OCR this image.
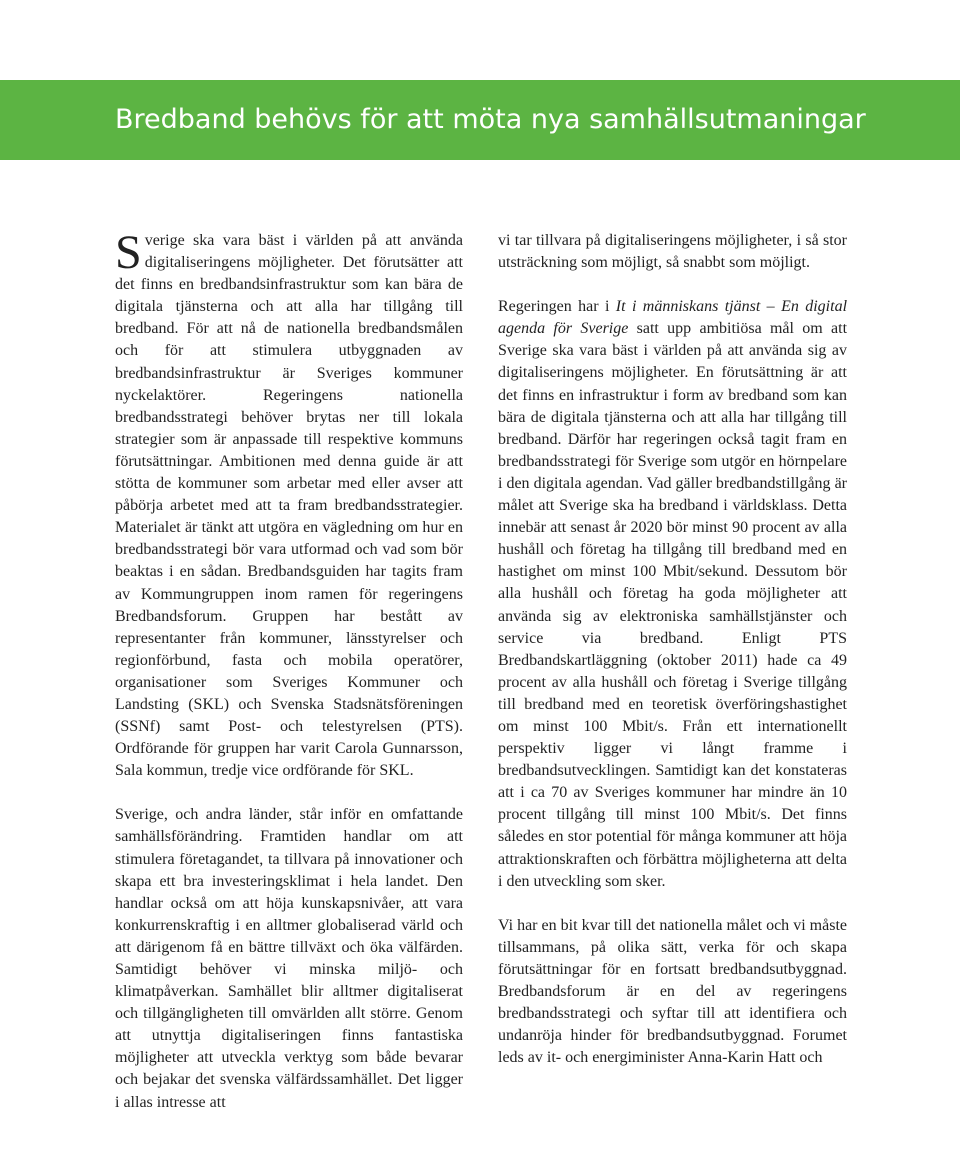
Bredband behövs för att möta nya samhällsutmaningar

Sverige ska vara bäst i världen på att använda digitaliseringens möjligheter. Det förutsätter att det finns en bredbandsinfrastruktur som kan bära de digitala tjänsterna och att alla har tillgång till bredband. För att nå de nationella bredbandsmålen och för att stimulera utbyggnaden av bredbandsinfrastruktur är Sveriges kommuner nyckelaktörer. Regeringens nationella bredbandsstrategi behöver brytas ner till lokala strategier som är anpassade till respektive kommuns förutsättningar. Ambitionen med denna guide är att stötta de kommuner som arbetar med eller avser att påbörja arbetet med att ta fram bredbandsstrategier. Materialet är tänkt att utgöra en vägledning om hur en bredbandsstrategi bör vara utformad och vad som bör beaktas i en sådan. Bredbandsguiden har tagits fram av Kommungruppen inom ramen för regeringens Bredbandsforum. Gruppen har bestått av representanter från kommuner, länsstyrelser och regionförbund, fasta och mobila operatörer, organisationer som Sveriges Kommuner och Landsting (SKL) och Svenska Stadsnätsföreningen (SSNf) samt Post- och telestyrelsen (PTS). Ordförande för gruppen har varit Carola Gunnarsson, Sala kommun, tredje vice ordförande för SKL.

Sverige, och andra länder, står inför en omfattande samhällsförändring. Framtiden handlar om att stimulera företagandet, ta tillvara på innovationer och skapa ett bra investeringsklimat i hela landet. Den handlar också om att höja kunskapsnivåer, att vara konkurrenskraftig i en alltmer globaliserad värld och att därigenom få en bättre tillväxt och öka välfärden. Samtidigt behöver vi minska miljö- och klimatpåverkan. Samhället blir alltmer digitaliserat och tillgängligheten till omvärlden allt större. Genom att utnyttja digitaliseringen finns fantastiska möjligheter att utveckla verktyg som både bevarar och bejakar det svenska välfärdssamhället. Det ligger i allas intresse att

vi tar tillvara på digitaliseringens möjligheter, i så stor utsträckning som möjligt, så snabbt som möjligt.

Regeringen har i It i människans tjänst – En digital agenda för Sverige satt upp ambitiösa mål om att Sverige ska vara bäst i världen på att använda sig av digitaliseringens möjligheter. En förutsättning är att det finns en infrastruktur i form av bredband som kan bära de digitala tjänsterna och att alla har tillgång till bredband. Därför har regeringen också tagit fram en bredbandsstrategi för Sverige som utgör en hörnpelare i den digitala agendan. Vad gäller bredbandstillgång är målet att Sverige ska ha bredband i världsklass. Detta innebär att senast år 2020 bör minst 90 procent av alla hushåll och företag ha tillgång till bredband med en hastighet om minst 100 Mbit/sekund. Dessutom bör alla hushåll och företag ha goda möjligheter att använda sig av elektroniska samhällstjänster och service via bredband. Enligt PTS Bredbandskartläggning (oktober 2011) hade ca 49 procent av alla hushåll och företag i Sverige tillgång till bredband med en teoretisk överföringshastighet om minst 100 Mbit/s. Från ett internationellt perspektiv ligger vi långt framme i bredbandsutvecklingen. Samtidigt kan det konstateras att i ca 70 av Sveriges kommuner har mindre än 10 procent tillgång till minst 100 Mbit/s. Det finns således en stor potential för många kommuner att höja attraktionskraften och förbättra möjligheterna att delta i den utveckling som sker.

Vi har en bit kvar till det nationella målet och vi måste tillsammans, på olika sätt, verka för och skapa förutsättningar för en fortsatt bredbandsutbyggnad. Bredbandsforum är en del av regeringens bredbandsstrategi och syftar till att identifiera och undanröja hinder för bredbandsutbyggnad. Forumet leds av it- och energiminister Anna-Karin Hatt och
